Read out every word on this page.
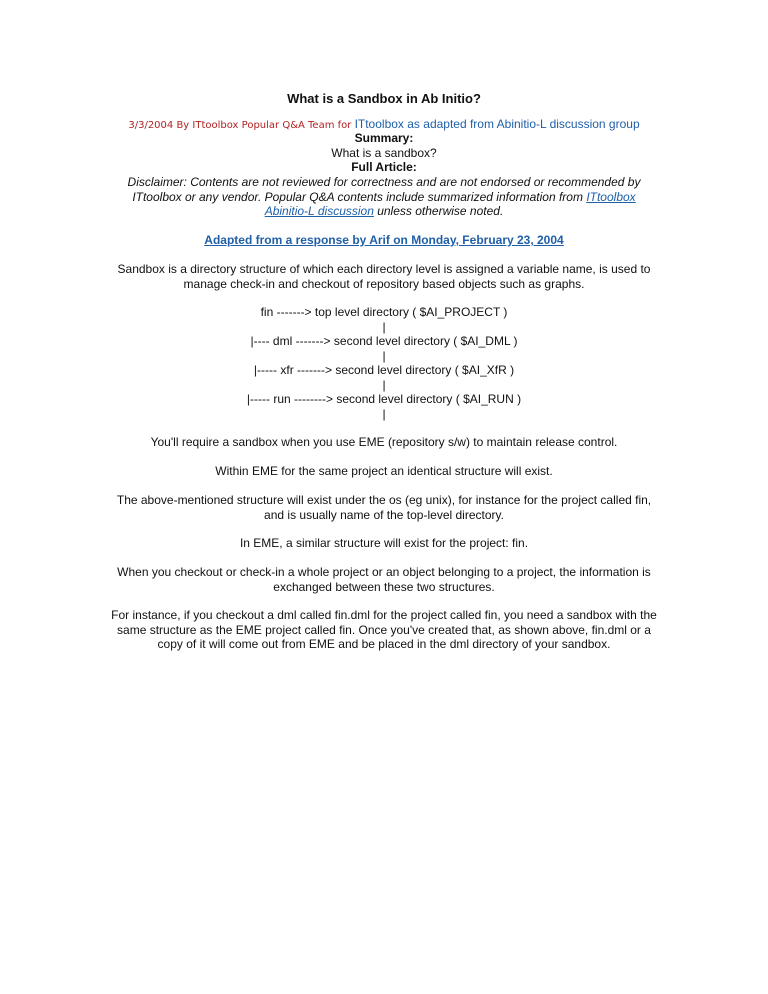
What is a Sandbox in Ab Initio?
3/3/2004 By ITtoolbox Popular Q&A Team for ITtoolbox as adapted from Abinitio-L discussion group

Summary:

What is a sandbox?

Full Article:

Disclaimer: Contents are not reviewed for correctness and are not endorsed or recommended by ITtoolbox or any vendor. Popular Q&A contents include summarized information from ITtoolbox Abinitio-L discussion unless otherwise noted.
Adapted from a response by Arif on Monday, February 23, 2004
Sandbox is a directory structure of which each directory level is assigned a variable name, is used to manage check-in and checkout of repository based objects such as graphs.

fin -------> top level directory ( $AI_PROJECT )

|

|---- dml -------> second level directory ( $AI_DML )

|

|----- xfr -------> second level directory ( $AI_XfR )

|

|----- run --------> second level directory ( $AI_RUN )

|

You'll require a sandbox when you use EME (repository s/w) to maintain release control.
Within EME for the same project an identical structure will exist.
The above-mentioned structure will exist under the os (eg unix), for instance for the project called fin, and is usually name of the top-level directory.
In EME, a similar structure will exist for the project: fin.
When you checkout or check-in a whole project or an object belonging to a project, the information is exchanged between these two structures.
For instance, if you checkout a dml called fin.dml for the project called fin, you need a sandbox with the same structure as the EME project called fin. Once you've created that, as shown above, fin.dml or a copy of it will come out from EME and be placed in the dml directory of your sandbox.
